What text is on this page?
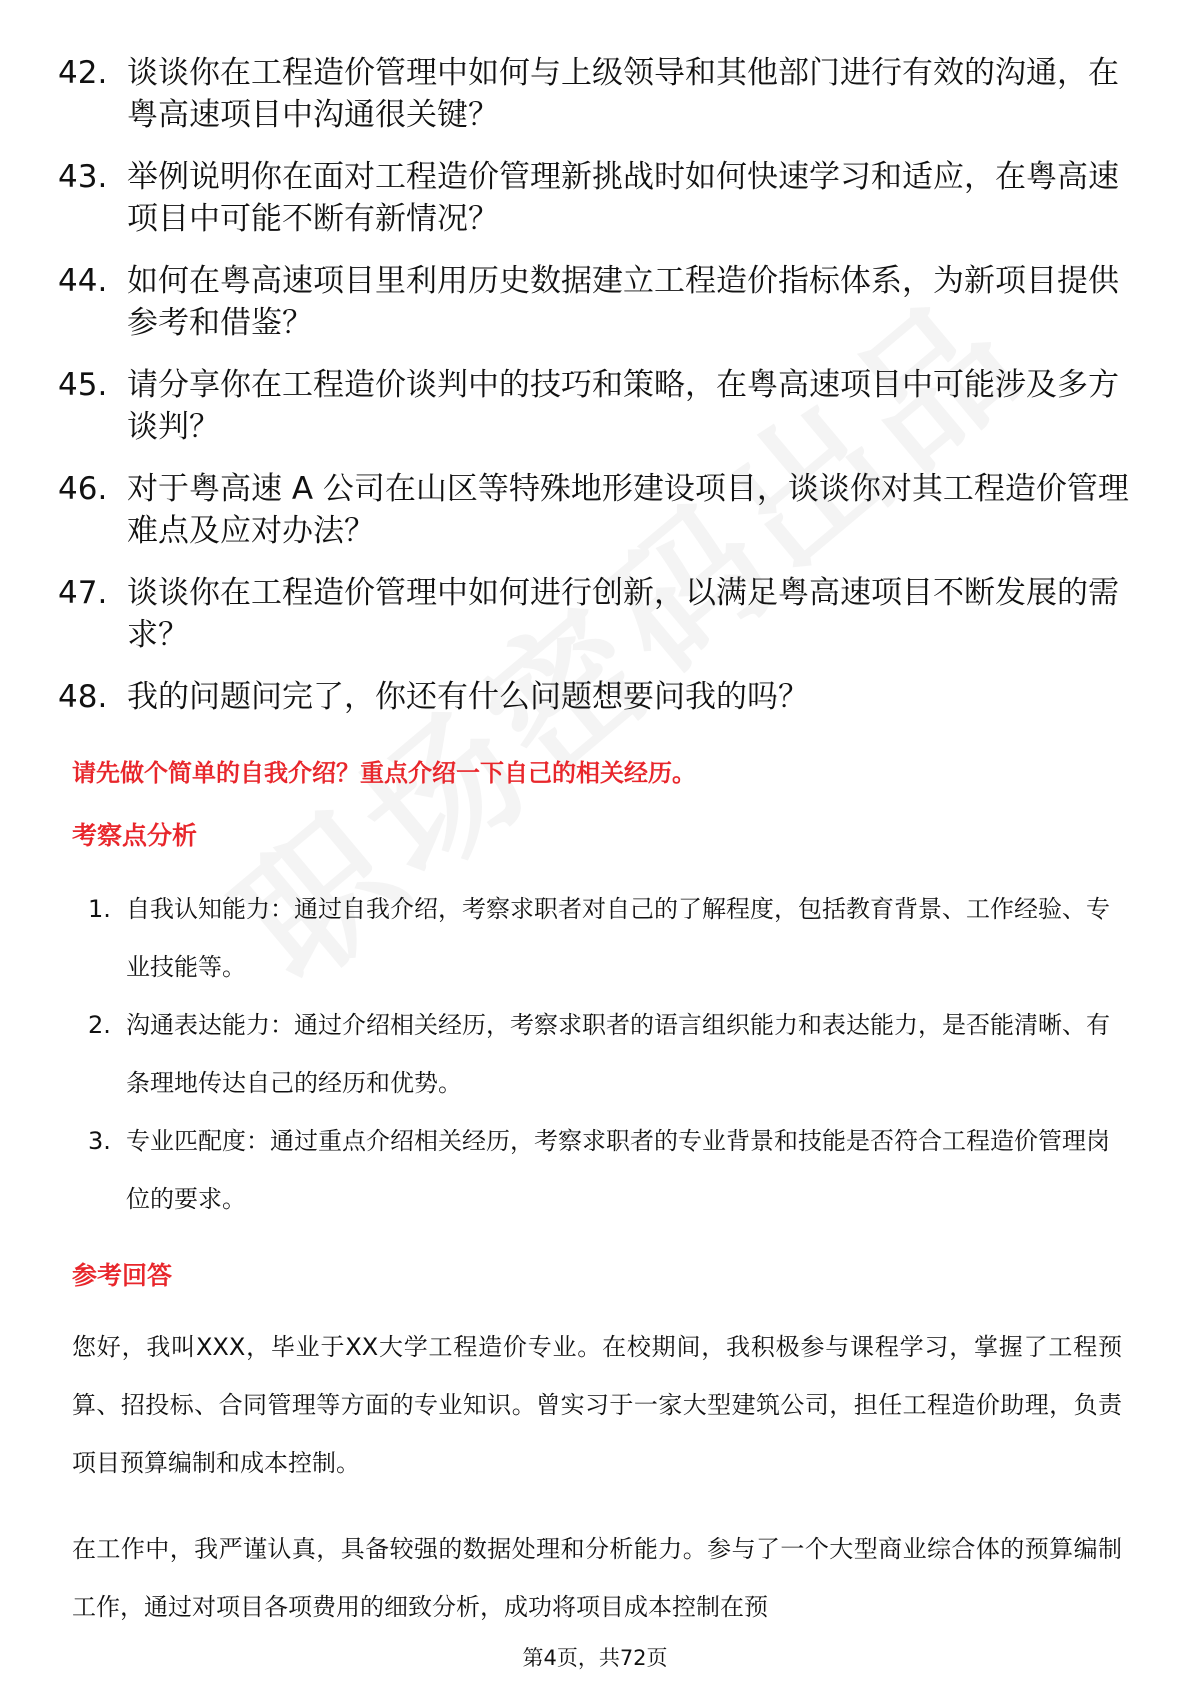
42. 谈谈你在工程造价管理中如何与上级领导和其他部门进行有效的沟通，在粤高速项目中沟通很关键？
43. 举例说明你在面对工程造价管理新挑战时如何快速学习和适应，在粤高速项目中可能不断有新情况？
44. 如何在粤高速项目里利用历史数据建立工程造价指标体系，为新项目提供参考和借鉴？
45. 请分享你在工程造价谈判中的技巧和策略，在粤高速项目中可能涉及多方谈判？
46. 对于粤高速 A 公司在山区等特殊地形建设项目，谈谈你对其工程造价管理难点及应对办法？
47. 谈谈你在工程造价管理中如何进行创新，以满足粤高速项目不断发展的需求？
48. 我的问题问完了，你还有什么问题想要问我的吗？
请先做个简单的自我介绍？重点介绍一下自己的相关经历。
考察点分析
1. 自我认知能力：通过自我介绍，考察求职者对自己的了解程度，包括教育背景、工作经验、专业技能等。
2. 沟通表达能力：通过介绍相关经历，考察求职者的语言组织能力和表达能力，是否能清晰、有条理地传达自己的经历和优势。
3. 专业匹配度：通过重点介绍相关经历，考察求职者的专业背景和技能是否符合工程造价管理岗位的要求。
参考回答
您好，我叫XXX，毕业于XX大学工程造价专业。在校期间，我积极参与课程学习，掌握了工程预算、招投标、合同管理等方面的专业知识。曾实习于一家大型建筑公司，担任工程造价助理，负责项目预算编制和成本控制。
在工作中，我严谨认真，具备较强的数据处理和分析能力。参与了一个大型商业综合体的预算编制工作，通过对项目各项费用的细致分析，成功将项目成本控制在预
第4页，共72页
